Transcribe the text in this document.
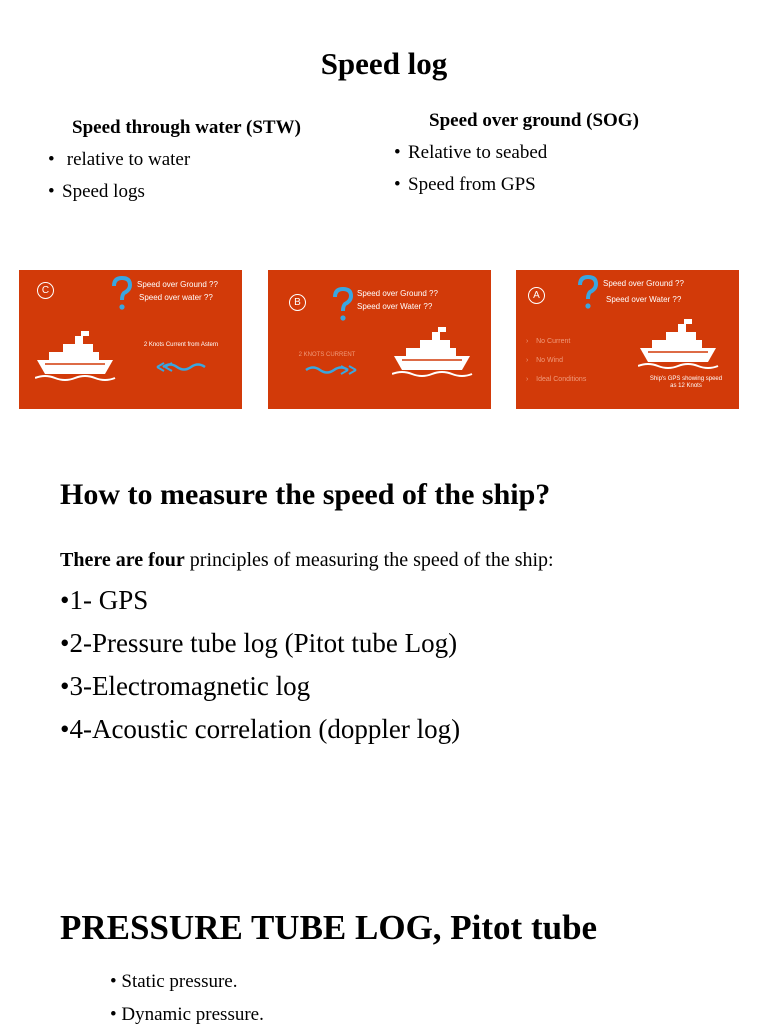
Speed log
Speed through water (STW)
• relative to water
• Speed logs
Speed over ground (SOG)
• Relative to seabed
• Speed from GPS
C
Speed over Ground ??
Speed over water ??
2 Knots Current from Astern
B
Speed over Ground ??
Speed over Water ??
2 KNOTS CURRENT
A
Speed over Ground ??
Speed over Water ??
› No Current
› No Wind
› Ideal Conditions	Ship's GPS showing speed as 12 Knots
How to measure the speed of the ship?
There are four principles of measuring the speed of the ship:
•1- GPS
•2-Pressure tube log (Pitot tube Log)
•3-Electromagnetic log
•4-Acoustic correlation (doppler log)
PRESSURE TUBE LOG, Pitot tube
• Static pressure.
• Dynamic pressure.
